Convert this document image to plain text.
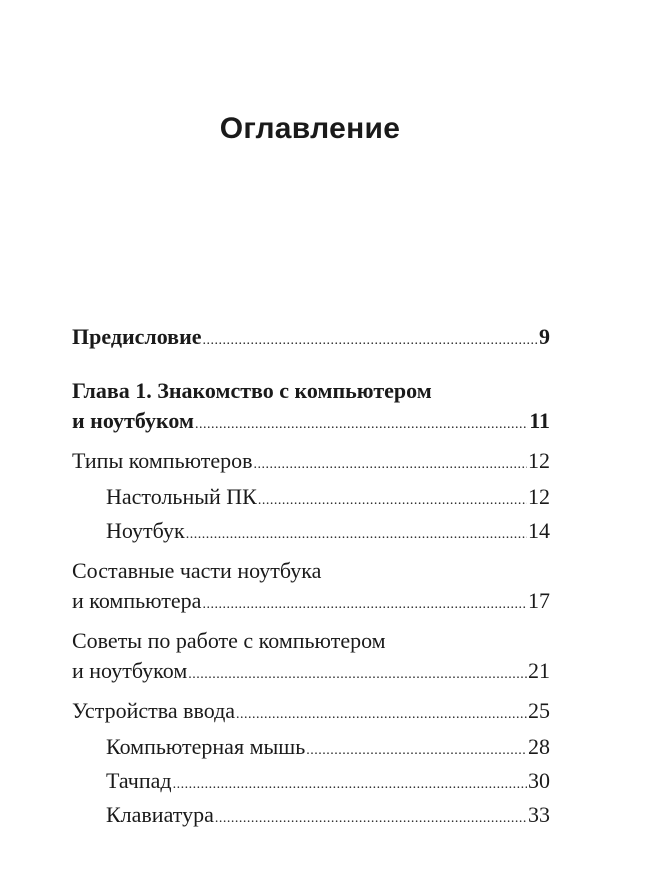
Оглавление
Предисловие .....	9
Глава 1. Знакомство с компьютером
и ноутбуком .....	11
Типы компьютеров .....	12
Настольный ПК .....	12
Ноутбук .....	14
Составные части ноутбука
и компьютера .....	17
Советы по работе с компьютером
и ноутбуком .....	21
Устройства ввода .....	25
Компьютерная мышь .....	28
Тачпад .....	30
Клавиатура .....	33
